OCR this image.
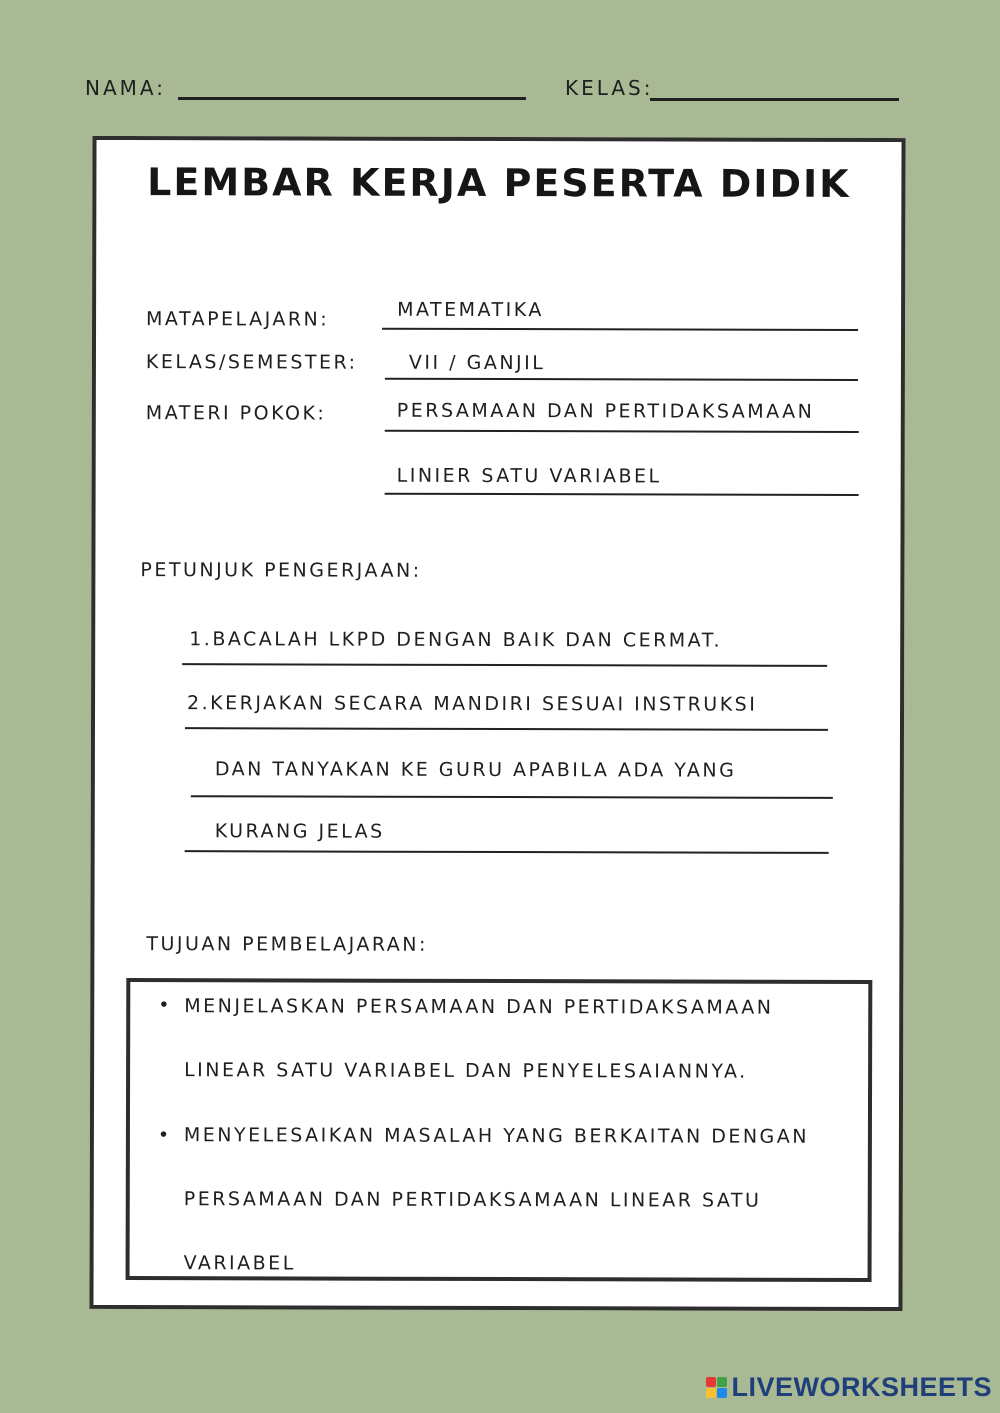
NAMA:	KELAS:
LEMBAR KERJA PESERTA DIDIK
MATAPELAJARN:	MATEMATIKA
KELAS/SEMESTER:	VII / GANJIL
MATERI POKOK:	PERSAMAAN DAN PERTIDAKSAMAAN
LINIER SATU VARIABEL
PETUNJUK PENGERJAAN:
1.BACALAH LKPD DENGAN BAIK DAN CERMAT.
2.KERJAKAN SECARA MANDIRI SESUAI INSTRUKSI
DAN TANYAKAN KE GURU APABILA ADA YANG
KURANG JELAS
TUJUAN PEMBELAJARAN:
• MENJELASKAN PERSAMAAN DAN PERTIDAKSAMAAN
LINEAR SATU VARIABEL DAN PENYELESAIANNYA.
• MENYELESAIKAN MASALAH YANG BERKAITAN DENGAN
PERSAMAAN DAN PERTIDAKSAMAAN LINEAR SATU
VARIABEL
LIVEWORKSHEETS
